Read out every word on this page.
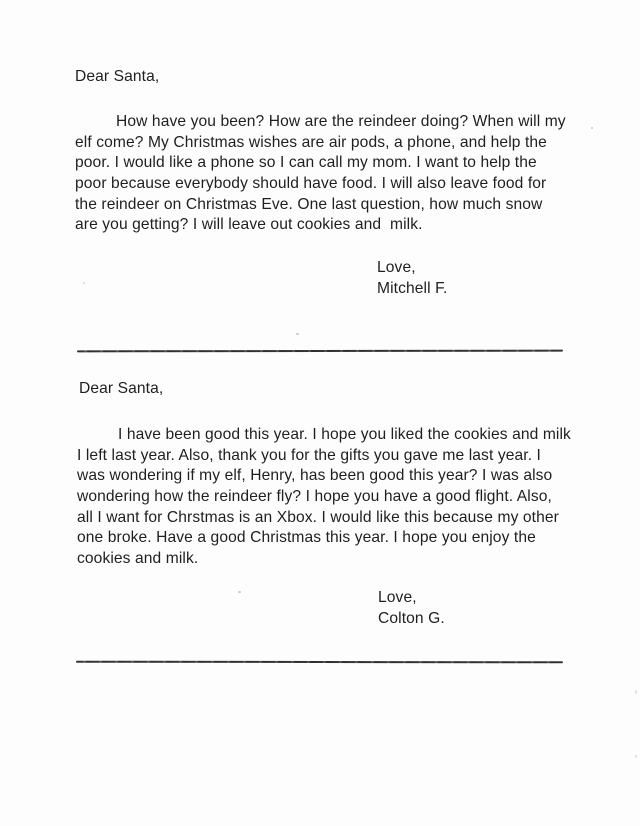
Dear Santa,
How have you been? How are the reindeer doing? When will my
elf come? My Christmas wishes are air pods, a phone, and help the
poor. I would like a phone so I can call my mom. I want to help the
poor because everybody should have food. I will also leave food for
the reindeer on Christmas Eve. One last question, how much snow
are you getting? I will leave out cookies and  milk.
Love,
Mitchell F.
Dear Santa,
I have been good this year. I hope you liked the cookies and milk
I left last year. Also, thank you for the gifts you gave me last year. I
was wondering if my elf, Henry, has been good this year? I was also
wondering how the reindeer fly? I hope you have a good flight. Also,
all I want for Chrstmas is an Xbox. I would like this because my other
one broke. Have a good Christmas this year. I hope you enjoy the
cookies and milk.
Love,
Colton G.
